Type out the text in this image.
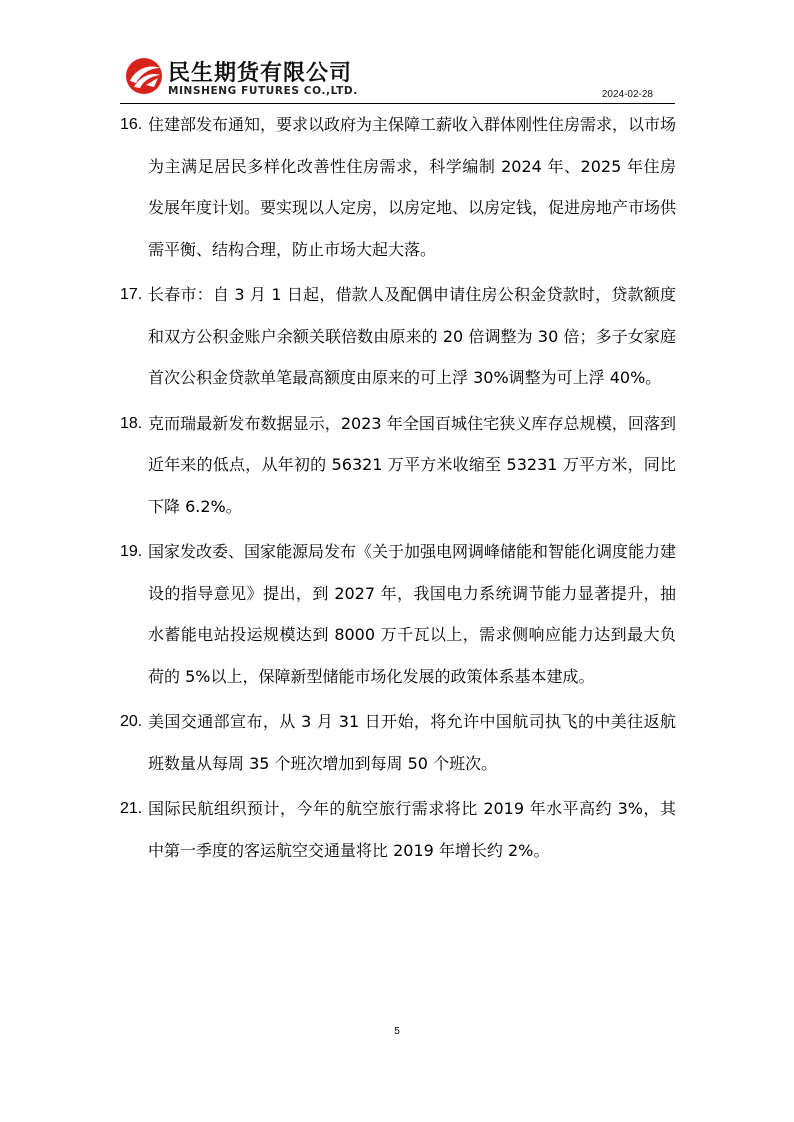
民生期货有限公司
MINSHENG FUTURES CO.,LTD.	2024-02-28
16. 住建部发布通知，要求以政府为主保障工薪收入群体刚性住房需求，以市场为主满足居民多样化改善性住房需求，科学编制 2024 年、2025 年住房发展年度计划。要实现以人定房，以房定地、以房定钱，促进房地产市场供需平衡、结构合理，防止市场大起大落。

17. 长春市：自 3 月 1 日起，借款人及配偶申请住房公积金贷款时，贷款额度和双方公积金账户余额关联倍数由原来的 20 倍调整为 30 倍；多子女家庭首次公积金贷款单笔最高额度由原来的可上浮 30%调整为可上浮 40%。

18. 克而瑞最新发布数据显示，2023 年全国百城住宅狭义库存总规模，回落到近年来的低点，从年初的 56321 万平方米收缩至 53231 万平方米，同比下降 6.2%。

19. 国家发改委、国家能源局发布《关于加强电网调峰储能和智能化调度能力建设的指导意见》提出，到 2027 年，我国电力系统调节能力显著提升，抽水蓄能电站投运规模达到 8000 万千瓦以上，需求侧响应能力达到最大负荷的 5%以上，保障新型储能市场化发展的政策体系基本建成。

20. 美国交通部宣布，从 3 月 31 日开始，将允许中国航司执飞的中美往返航班数量从每周 35 个班次增加到每周 50 个班次。

21. 国际民航组织预计，今年的航空旅行需求将比 2019 年水平高约 3%，其中第一季度的客运航空交通量将比 2019 年增长约 2%。

5
